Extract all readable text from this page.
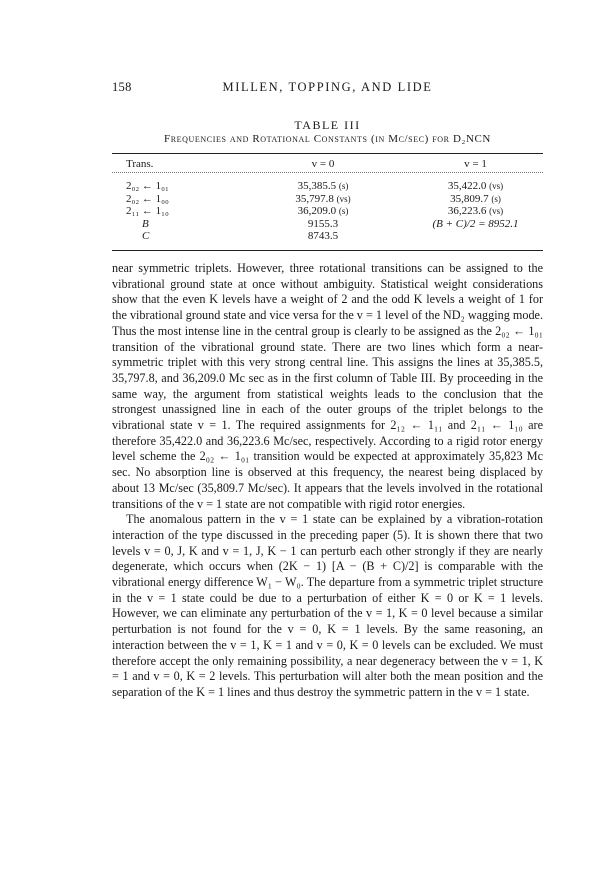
158	MILLEN, TOPPING, AND LIDE
TABLE III
Frequencies and Rotational Constants (in Mc/sec) for D₂NCN
Trans.	v = 0	v = 1

2₀₂ ← 1₀₁	35,385.5 (s)	35,422.0 (vs)
2₀₂ ← 1₀₀	35,797.8 (vs)	35,809.7 (s)
2₁₁ ← 1₁₀	36,209.0 (s)	36,223.6 (vs)
B	9155.3	(B + C)/2 = 8952.1
C	8743.5	

near symmetric triplets. However, three rotational transitions can be assigned to the vibrational ground state at once without ambiguity. Statistical weight considerations show that the even K levels have a weight of 2 and the odd K levels a weight of 1 for the vibrational ground state and vice versa for the v = 1 level of the ND₂ wagging mode. Thus the most intense line in the central group is clearly to be assigned as the 2₀₂ ← 1₀₁ transition of the vibrational ground state. There are two lines which form a near-symmetric triplet with this very strong central line. This assigns the lines at 35,385.5, 35,797.8, and 36,209.0 Mc sec as in the first column of Table III. By proceeding in the same way, the argument from statistical weights leads to the conclusion that the strongest unassigned line in each of the outer groups of the triplet belongs to the vibrational state v = 1. The required assignments for 2₁₂ ← 1₁₁ and 2₁₁ ← 1₁₀ are therefore 35,422.0 and 36,223.6 Mc/sec, respectively. According to a rigid rotor energy level scheme the 2₀₂ ← 1₀₁ transition would be expected at approximately 35,823 Mc sec. No absorption line is observed at this frequency, the nearest being displaced by about 13 Mc/sec (35,809.7 Mc/sec). It appears that the levels involved in the rotational transitions of the v = 1 state are not compatible with rigid rotor energies.

The anomalous pattern in the v = 1 state can be explained by a vibration-rotation interaction of the type discussed in the preceding paper (5). It is shown there that two levels v = 0, J, K and v = 1, J, K − 1 can perturb each other strongly if they are nearly degenerate, which occurs when (2K − 1) [A − (B + C)/2] is comparable with the vibrational energy difference W₁ − W₀. The departure from a symmetric triplet structure in the v = 1 state could be due to a perturbation of either K = 0 or K = 1 levels. However, we can eliminate any perturbation of the v = 1, K = 0 level because a similar perturbation is not found for the v = 0, K = 1 levels. By the same reasoning, an interaction between the v = 1, K = 1 and v = 0, K = 0 levels can be excluded. We must therefore accept the only remaining possibility, a near degeneracy between the v = 1, K = 1 and v = 0, K = 2 levels. This perturbation will alter both the mean position and the separation of the K = 1 lines and thus destroy the symmetric pattern in the v = 1 state.
